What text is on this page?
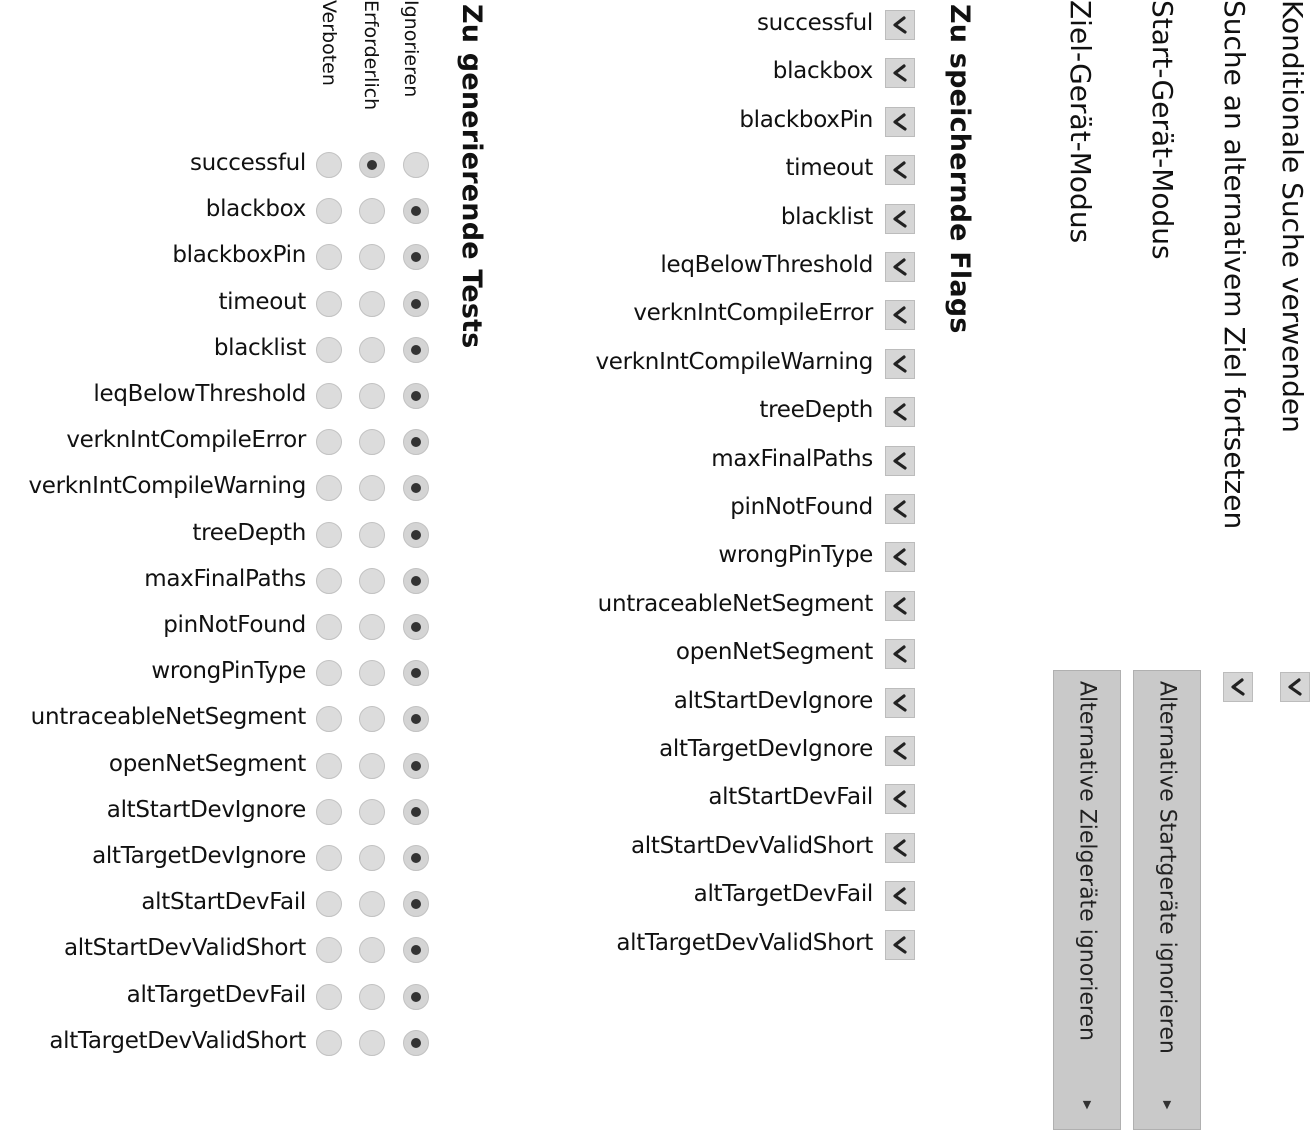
Zu generierende Tests
Verboten Erforderlich Ignorieren
successful
blackbox
blackboxPin
timeout
blacklist
leqBelowThreshold
verknIntCompileError
verknIntCompileWarning
treeDepth
maxFinalPaths
pinNotFound
wrongPinType
untraceableNetSegment
openNetSegment
altStartDevIgnore
altTargetDevIgnore
altStartDevFail
altStartDevValidShort
altTargetDevFail
altTargetDevValidShort
Zu speichernde Flags
successful
blackbox
blackboxPin
timeout
blacklist
leqBelowThreshold
verknIntCompileError
verknIntCompileWarning
treeDepth
maxFinalPaths
pinNotFound
wrongPinType
untraceableNetSegment
openNetSegment
altStartDevIgnore
altTargetDevIgnore
altStartDevFail
altStartDevValidShort
altTargetDevFail
altTargetDevValidShort
Ziel-Gerät-Modus Start-Gerät-Modus Suche an alternativem Ziel fortsetzen Konditionale Suche verwenden
Alternative Zielgeräte ignorieren
▼
Alternative Startgeräte ignorieren
▼
